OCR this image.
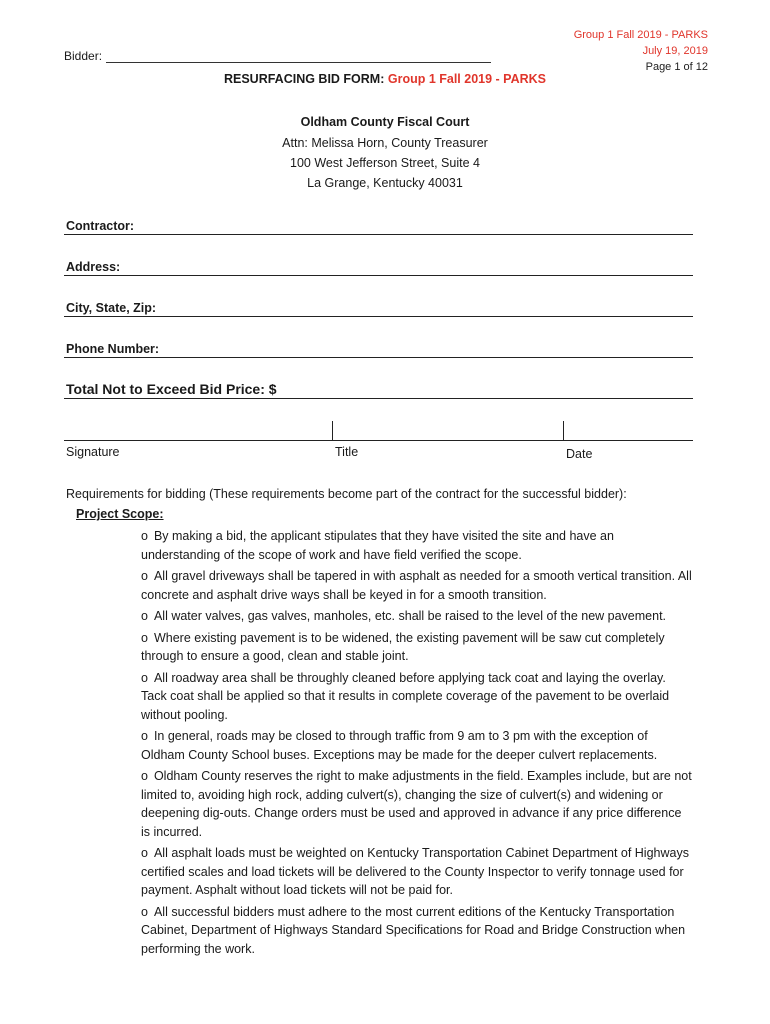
Group 1 Fall 2019 - PARKS
July 19, 2019
Page 1 of 12
Bidder:
RESURFACING BID FORM: Group 1 Fall 2019 - PARKS
Oldham County Fiscal Court
Attn: Melissa Horn, County Treasurer
100 West Jefferson Street, Suite 4
La Grange, Kentucky 40031
Contractor:
Address:
City, State, Zip:
Phone Number:
Total Not to Exceed Bid Price: $
Signature	Title	Date
Requirements for bidding (These requirements become part of the contract for the successful bidder):
Project Scope:
o By making a bid, the applicant stipulates that they have visited the site and have an understanding of the scope of work and have field verified the scope.
o All gravel driveways shall be tapered in with asphalt as needed for a smooth vertical transition. All concrete and asphalt drive ways shall be keyed in for a smooth transition.
o All water valves, gas valves, manholes, etc. shall be raised to the level of the new pavement.
o Where existing pavement is to be widened, the existing pavement will be saw cut completely through to ensure a good, clean and stable joint.
o All roadway area shall be throughly cleaned before applying tack coat and laying the overlay. Tack coat shall be applied so that it results in complete coverage of the pavement to be overlaid without pooling.
o In general, roads may be closed to through traffic from 9 am to 3 pm with the exception of Oldham County School buses. Exceptions may be made for the deeper culvert replacements.
o Oldham County reserves the right to make adjustments in the field. Examples include, but are not limited to, avoiding high rock, adding culvert(s), changing the size of culvert(s) and widening or deepening dig-outs. Change orders must be used and approved in advance if any price difference is incurred.
o All asphalt loads must be weighted on Kentucky Transportation Cabinet Department of Highways certified scales and load tickets will be delivered to the County Inspector to verify tonnage used for payment. Asphalt without load tickets will not be paid for.
o All successful bidders must adhere to the most current editions of the Kentucky Transportation Cabinet, Department of Highways Standard Specifications for Road and Bridge Construction when performing the work.
